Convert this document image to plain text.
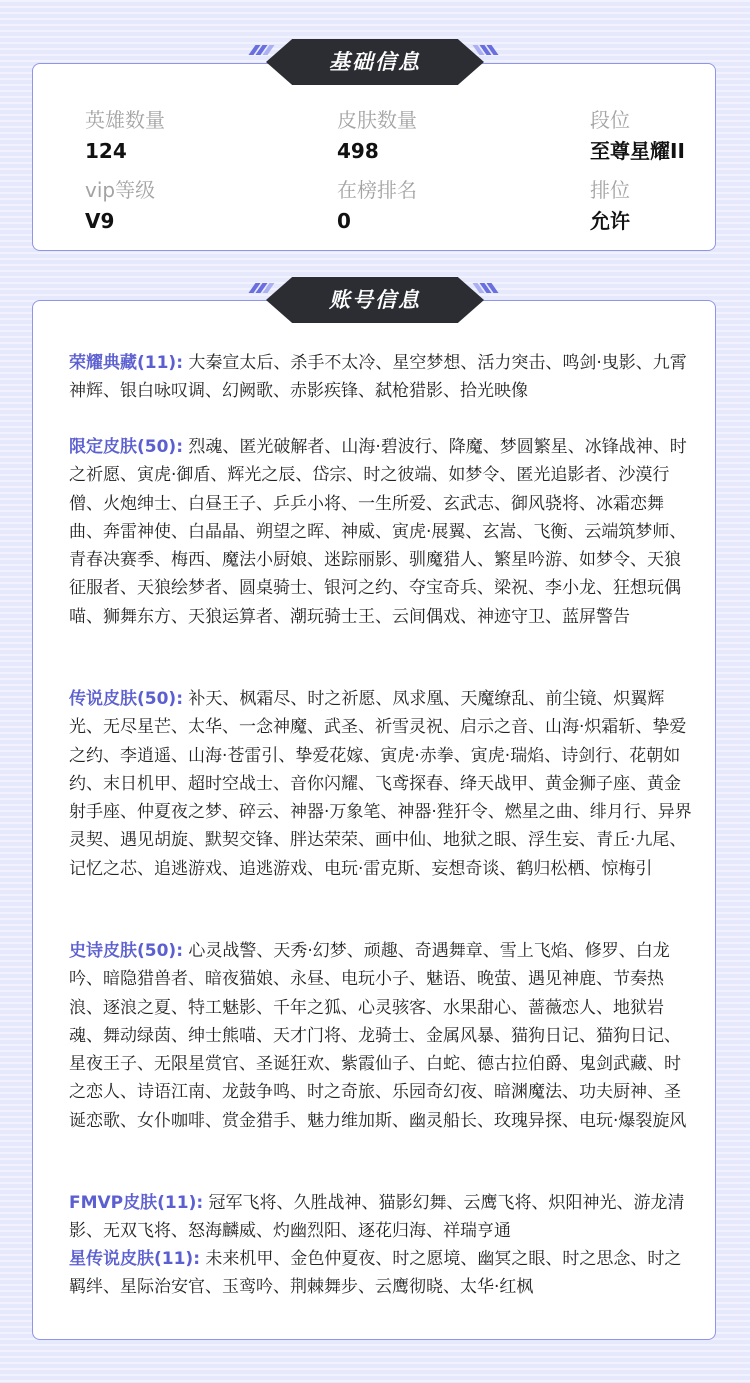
英雄数量
124
皮肤数量
498
段位
至尊星耀II
vip等级
V9
在榜排名
0
排位
允许
基础信息
荣耀典藏(11): 大秦宣太后、杀手不太冷、星空梦想、活力突击、鸣剑·曳影、九霄神辉、银白咏叹调、幻阙歌、赤影疾锋、弑枪猎影、拾光映像
限定皮肤(50): 烈魂、匿光破解者、山海·碧波行、降魔、梦圆繁星、冰锋战神、时之祈愿、寅虎·御盾、辉光之辰、岱宗、时之彼端、如梦令、匿光追影者、沙漠行僧、火炮绅士、白昼王子、乒乒小将、一生所爱、玄武志、御风骁将、冰霜恋舞曲、奔雷神使、白晶晶、朔望之晖、神威、寅虎·展翼、玄嵩、飞衡、云端筑梦师、青春决赛季、梅西、魔法小厨娘、迷踪丽影、驯魔猎人、繁星吟游、如梦令、天狼征服者、天狼绘梦者、圆桌骑士、银河之约、夺宝奇兵、梁祝、李小龙、狂想玩偶喵、狮舞东方、天狼运算者、潮玩骑士王、云间偶戏、神迹守卫、蓝屏警告
传说皮肤(50): 补天、枫霜尽、时之祈愿、凤求凰、天魔缭乱、前尘镜、炽翼辉光、无尽星芒、太华、一念神魔、武圣、祈雪灵祝、启示之音、山海·炽霜斩、挚爱之约、李逍遥、山海·苍雷引、挚爱花嫁、寅虎·赤拳、寅虎·瑞焰、诗剑行、花朝如约、末日机甲、超时空战士、音你闪耀、飞鸢探春、绛天战甲、黄金狮子座、黄金射手座、仲夏夜之梦、碎云、神器·万象笔、神器·狴犴令、燃星之曲、绯月行、异界灵契、遇见胡旋、默契交锋、胖达荣荣、画中仙、地狱之眼、浮生妄、青丘·九尾、记忆之芯、追逃游戏、追逃游戏、电玩·雷克斯、妄想奇谈、鹤归松栖、惊梅引
史诗皮肤(50): 心灵战警、天秀·幻梦、顽趣、奇遇舞章、雪上飞焰、修罗、白龙吟、暗隐猎兽者、暗夜猫娘、永昼、电玩小子、魅语、晚萤、遇见神鹿、节奏热浪、逐浪之夏、特工魅影、千年之狐、心灵骇客、水果甜心、蔷薇恋人、地狱岩魂、舞动绿茵、绅士熊喵、天才门将、龙骑士、金属风暴、猫狗日记、猫狗日记、星夜王子、无限星赏官、圣诞狂欢、紫霞仙子、白蛇、德古拉伯爵、鬼剑武藏、时之恋人、诗语江南、龙鼓争鸣、时之奇旅、乐园奇幻夜、暗渊魔法、功夫厨神、圣诞恋歌、女仆咖啡、赏金猎手、魅力维加斯、幽灵船长、玫瑰异探、电玩·爆裂旋风
FMVP皮肤(11): 冠军飞将、久胜战神、猫影幻舞、云鹰飞将、炽阳神光、游龙清影、无双飞将、怒海麟威、灼幽烈阳、逐花归海、祥瑞亨通
星传说皮肤(11): 未来机甲、金色仲夏夜、时之愿境、幽冥之眼、时之思念、时之羁绊、星际治安官、玉鸾吟、荆棘舞步、云鹰彻晓、太华·红枫
账号信息
